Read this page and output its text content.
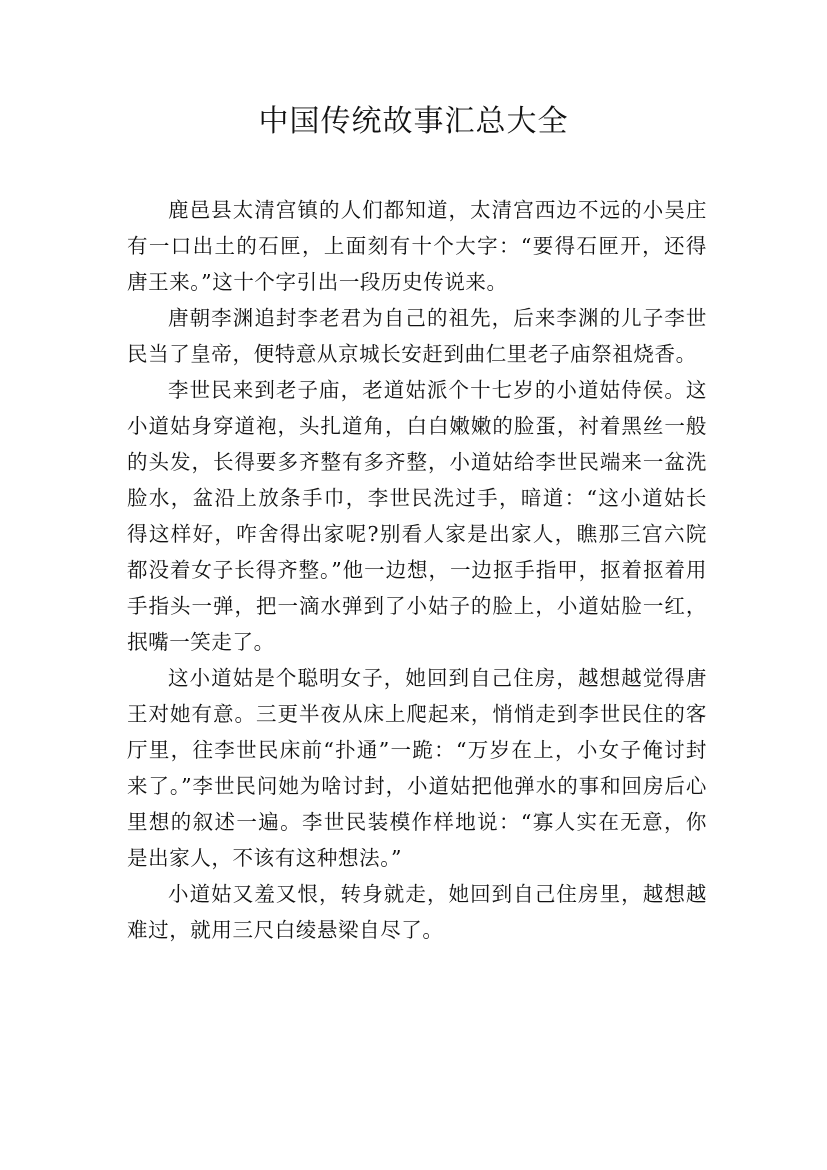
中国传统故事汇总大全

鹿邑县太清宫镇的人们都知道，太清宫西边不远的小吴庄有一口出土的石匣，上面刻有十个大字：“要得石匣开，还得唐王来。”这十个字引出一段历史传说来。

唐朝李渊追封李老君为自己的祖先，后来李渊的儿子李世民当了皇帝，便特意从京城长安赶到曲仁里老子庙祭祖烧香。

李世民来到老子庙，老道姑派个十七岁的小道姑侍侯。这小道姑身穿道袍，头扎道角，白白嫩嫩的脸蛋，衬着黑丝一般的头发，长得要多齐整有多齐整，小道姑给李世民端来一盆洗脸水，盆沿上放条手巾，李世民洗过手，暗道：“这小道姑长得这样好，咋舍得出家呢?别看人家是出家人，瞧那三宫六院都没着女子长得齐整。”他一边想，一边抠手指甲，抠着抠着用手指头一弹，把一滴水弹到了小姑子的脸上，小道姑脸一红，抿嘴一笑走了。

这小道姑是个聪明女子，她回到自己住房，越想越觉得唐王对她有意。三更半夜从床上爬起来，悄悄走到李世民住的客厅里，往李世民床前“扑通”一跪：“万岁在上，小女子俺讨封来了。”李世民问她为啥讨封，小道姑把他弹水的事和回房后心里想的叙述一遍。李世民装模作样地说：“寡人实在无意，你是出家人，不该有这种想法。”

小道姑又羞又恨，转身就走，她回到自己住房里，越想越难过，就用三尺白绫悬梁自尽了。
